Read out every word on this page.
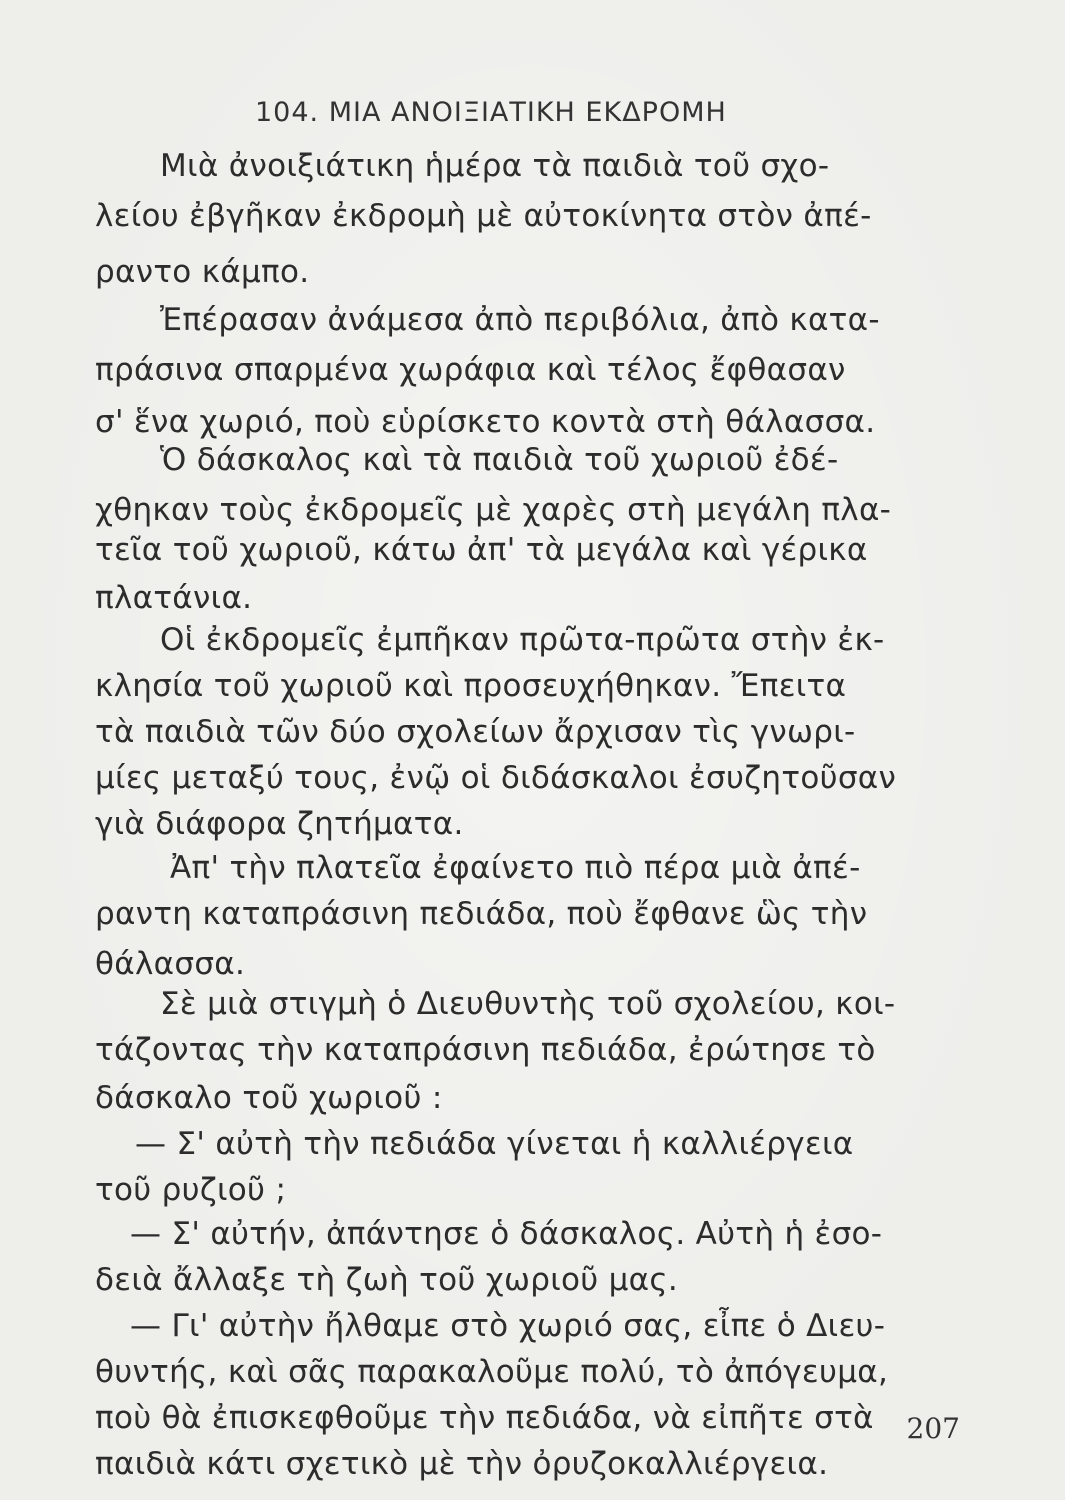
104. ΜΙΑ ΑΝΟΙΞΙΑΤΙΚΗ ΕΚΔΡΟΜΗ
Μιὰ ἀνοιξιάτικη ἡμέρα τὰ παιδιὰ τοῦ σχο-
λείου ἐβγῆκαν ἐκδρομὴ μὲ αὐτοκίνητα στὸν ἀπέ-
ραντο κάμπο.
Ἐπέρασαν ἀνάμεσα ἀπὸ περιβόλια, ἀπὸ κατα-
πράσινα σπαρμένα χωράφια καὶ τέλος ἔφθασαν
σ' ἕνα χωριό, ποὺ εὑρίσκετο κοντὰ στὴ θάλασσα.
Ὁ δάσκαλος καὶ τὰ παιδιὰ τοῦ χωριοῦ ἐδέ-
χθηκαν τοὺς ἐκδρομεῖς μὲ χαρὲς στὴ μεγάλη πλα-
τεῖα τοῦ χωριοῦ, κάτω ἀπ' τὰ μεγάλα καὶ γέρικα
πλατάνια.
Οἱ ἐκδρομεῖς ἐμπῆκαν πρῶτα-πρῶτα στὴν ἐκ-
κλησία τοῦ χωριοῦ καὶ προσευχήθηκαν. Ἔπειτα
τὰ παιδιὰ τῶν δύο σχολείων ἄρχισαν τὶς γνωρι-
μίες μεταξύ τους, ἐνῷ οἱ διδάσκαλοι ἐσυζητοῦσαν
γιὰ διάφορα ζητήματα.
Ἀπ' τὴν πλατεῖα ἐφαίνετο πιὸ πέρα μιὰ ἀπέ-
ραντη καταπράσινη πεδιάδα, ποὺ ἔφθανε ὣς τὴν
θάλασσα.
Σὲ μιὰ στιγμὴ ὁ Διευθυντὴς τοῦ σχολείου, κοι-
τάζοντας τὴν καταπράσινη πεδιάδα, ἐρώτησε τὸ
δάσκαλο τοῦ χωριοῦ :
— Σ' αὐτὴ τὴν πεδιάδα γίνεται ἡ καλλιέργεια
τοῦ ρυζιοῦ ;
— Σ' αὐτήν, ἀπάντησε ὁ δάσκαλος. Αὐτὴ ἡ ἐσο-
δειὰ ἄλλαξε τὴ ζωὴ τοῦ χωριοῦ μας.
— Γι' αὐτὴν ἤλθαμε στὸ χωριό σας, εἶπε ὁ Διευ-
θυντής, καὶ σᾶς παρακαλοῦμε πολύ, τὸ ἀπόγευμα,
ποὺ θὰ ἐπισκεφθοῦμε τὴν πεδιάδα, νὰ εἰπῆτε στὰ
παιδιὰ κάτι σχετικὸ μὲ τὴν ὀρυζοκαλλιέργεια.
207
